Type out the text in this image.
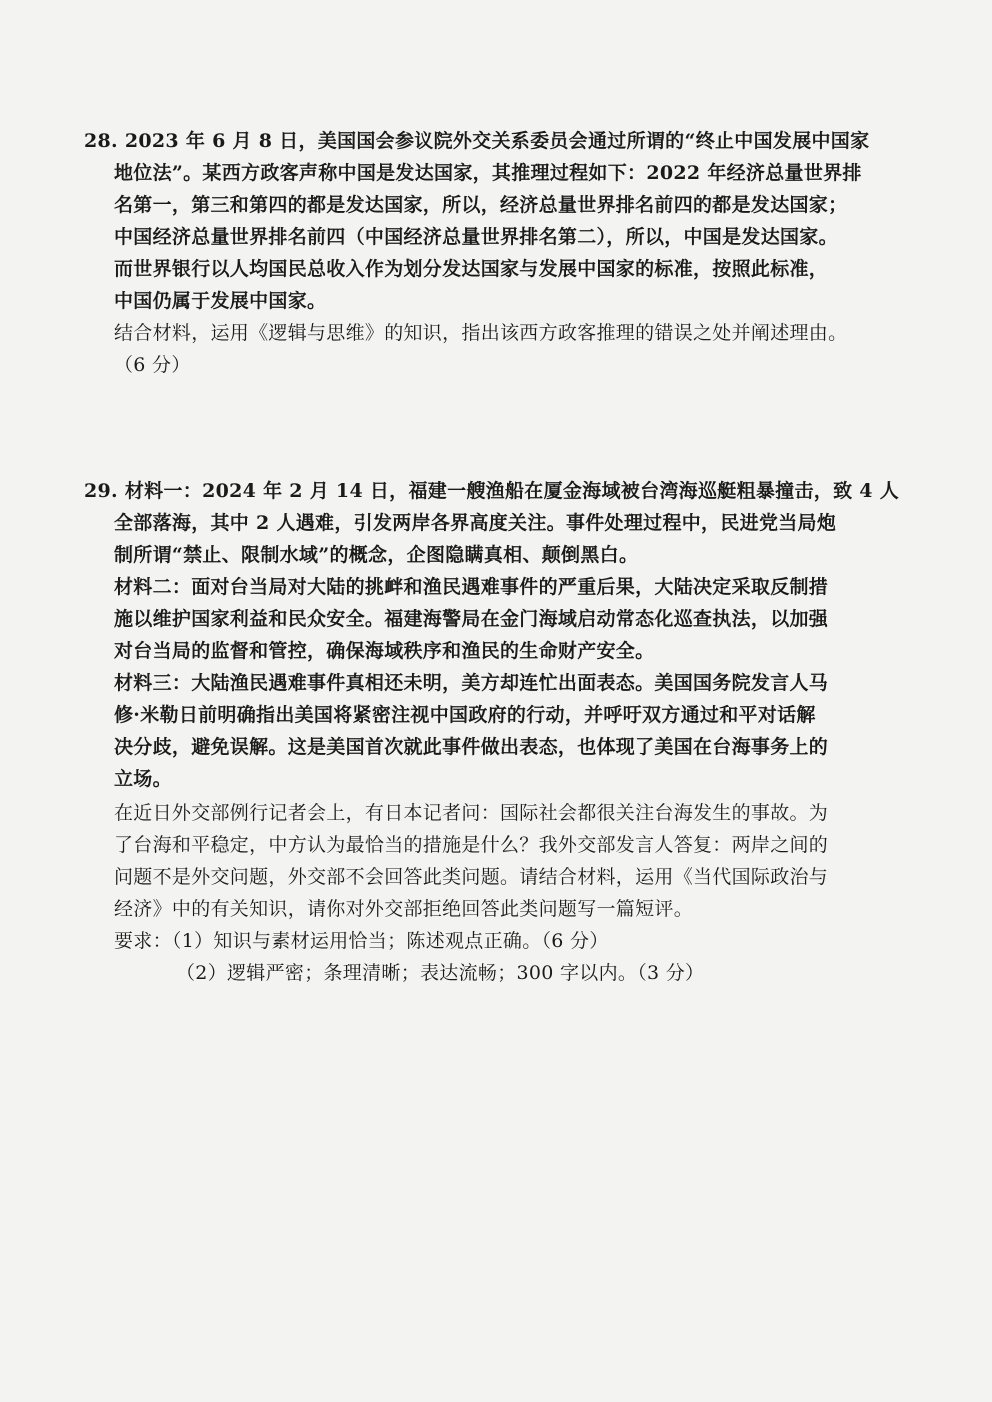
28. 2023 年 6 月 8 日，美国国会参议院外交关系委员会通过所谓的“终止中国发展中国家
地位法”。某西方政客声称中国是发达国家，其推理过程如下：2022 年经济总量世界排
名第一，第三和第四的都是发达国家，所以，经济总量世界排名前四的都是发达国家；
中国经济总量世界排名前四（中国经济总量世界排名第二），所以，中国是发达国家。
而世界银行以人均国民总收入作为划分发达国家与发展中国家的标准，按照此标准，
中国仍属于发展中国家。
结合材料，运用《逻辑与思维》的知识，指出该西方政客推理的错误之处并阐述理由。
（6 分）
29. 材料一：2024 年 2 月 14 日，福建一艘渔船在厦金海域被台湾海巡艇粗暴撞击，致 4 人
全部落海，其中 2 人遇难，引发两岸各界高度关注。事件处理过程中，民进党当局炮
制所谓“禁止、限制水域”的概念，企图隐瞒真相、颠倒黑白。
材料二：面对台当局对大陆的挑衅和渔民遇难事件的严重后果，大陆决定采取反制措
施以维护国家利益和民众安全。福建海警局在金门海域启动常态化巡查执法，以加强
对台当局的监督和管控，确保海域秩序和渔民的生命财产安全。
材料三：大陆渔民遇难事件真相还未明，美方却连忙出面表态。美国国务院发言人马
修·米勒日前明确指出美国将紧密注视中国政府的行动，并呼吁双方通过和平对话解
决分歧，避免误解。这是美国首次就此事件做出表态，也体现了美国在台海事务上的
立场。
在近日外交部例行记者会上，有日本记者问：国际社会都很关注台海发生的事故。为
了台海和平稳定，中方认为最恰当的措施是什么？我外交部发言人答复：两岸之间的
问题不是外交问题，外交部不会回答此类问题。请结合材料，运用《当代国际政治与
经济》中的有关知识，请你对外交部拒绝回答此类问题写一篇短评。
要求：（1）知识与素材运用恰当；陈述观点正确。（6 分）
（2）逻辑严密；条理清晰；表达流畅；300 字以内。（3 分）
